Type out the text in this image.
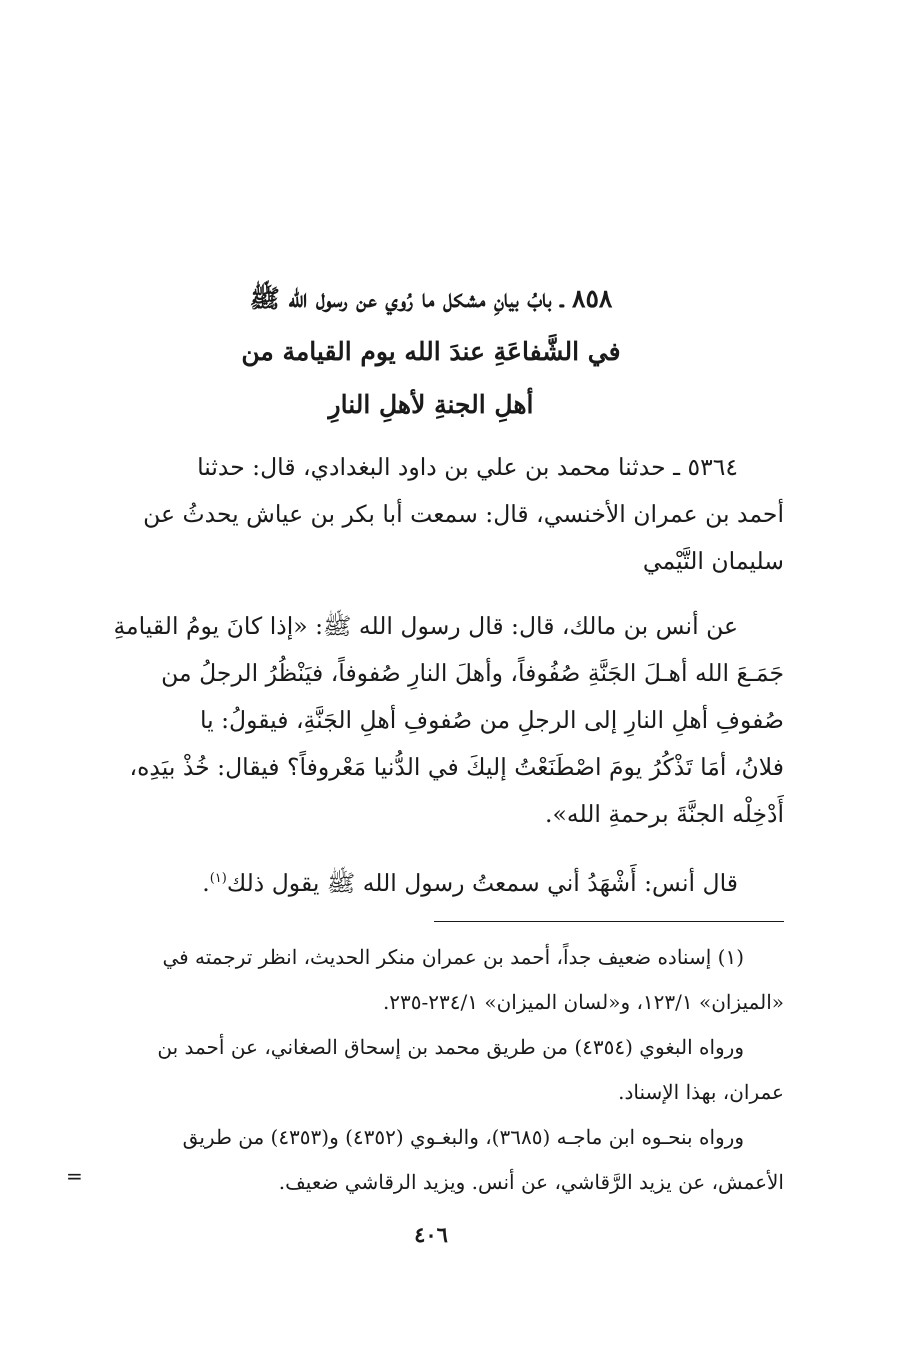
٨٥٨ ـ بابُ بيانِ مشكل ما رُوي عن رسول الله ﷺ
في الشَّفاعَةِ عندَ الله يوم القيامة من
أهلِ الجنةِ لأهلِ النارِ
٥٣٦٤ ـ حدثنا محمد بن علي بن داود البغدادي، قال: حدثنا
أحمد بن عمران الأخنسي، قال: سمعت أبا بكر بن عياش يحدثُ عن
سليمان التَّيْمي
عن أنس بن مالك، قال: قال رسول الله ﷺ: «إذا كانَ يومُ القيامةِ
جَمَـعَ الله أهـلَ الجَنَّةِ صُفُوفاً، وأهلَ النارِ صُفوفاً، فيَنْظُرُ الرجلُ من
صُفوفِ أهلِ النارِ إلى الرجلِ من صُفوفِ أهلِ الجَنَّةِ، فيقولُ: يا
فلانُ، أمَا تَذْكُرُ يومَ اصْطَنَعْتُ إليكَ في الدُّنيا مَعْروفاً؟ فيقال: خُذْ بيَدِه،
أَدْخِلْه الجنَّةَ برحمةِ الله».
قال أنس: أَشْهَدُ أني سمعتُ رسول الله ﷺ يقول ذلك$^{(١)}$.
(١) إسناده ضعيف جداً، أحمد بن عمران منكر الحديث، انظر ترجمته في
«الميزان» ١٢٣/١، و«لسان الميزان» ٢٣٤/١-٢٣٥.
ورواه البغوي (٤٣٥٤) من طريق محمد بن إسحاق الصغاني، عن أحمد بن
عمران، بهذا الإسناد.
ورواه بنحـوه ابن ماجـه (٣٦٨٥)، والبغـوي (٤٣٥٢) و(٤٣٥٣) من طريق
الأعمش، عن يزيد الرَّقاشي، عن أنس. ويزيد الرقاشي ضعيف.
٤٠٦
=
